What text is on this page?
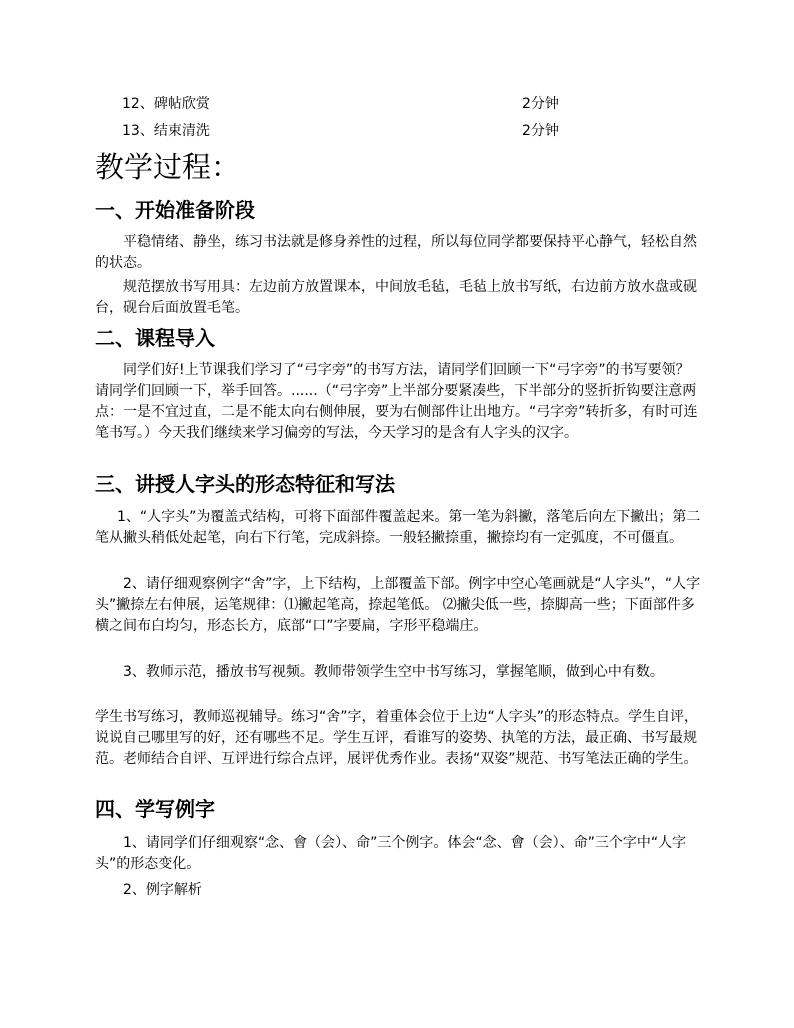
12、碑帖欣赏	2分钟
13、结束清洗	2分钟
教学过程：
一、开始准备阶段

平稳情绪、静坐，练习书法就是修身养性的过程，所以每位同学都要保持平心静气，轻松自然的状态。

规范摆放书写用具：左边前方放置课本，中间放毛毡，毛毡上放书写纸，右边前方放水盘或砚台，砚台后面放置毛笔。

二、课程导入

同学们好!上节课我们学习了“弓字旁”的书写方法，请同学们回顾一下“弓字旁”的书写要领？请同学们回顾一下，举手回答。......（“弓字旁”上半部分要紧凑些，下半部分的竖折折钩要注意两点：一是不宜过直，二是不能太向右侧伸展，要为右侧部件让出地方。“弓字旁”转折多，有时可连笔书写。）今天我们继续来学习偏旁的写法，今天学习的是含有人字头的汉字。

三、讲授人字头的形态特征和写法

1、“人字头”为覆盖式结构，可将下面部件覆盖起来。第一笔为斜撇，落笔后向左下撇出；第二笔从撇头稍低处起笔，向右下行笔，完成斜捺。一般轻撇捺重，撇捺均有一定弧度，不可僵直。

2、请仔细观察例字“舍”字，上下结构，上部覆盖下部。例字中空心笔画就是“人字头”，“人字头”撇捺左右伸展，运笔规律：⑴撇起笔高，捺起笔低。 ⑵撇尖低一些，捺脚高一些；下面部件多横之间布白均匀，形态长方，底部“口”字要扁，字形平稳端庄。

3、教师示范，播放书写视频。教师带领学生空中书写练习，掌握笔顺，做到心中有数。

学生书写练习，教师巡视辅导。练习“舍”字，着重体会位于上边“人字头”的形态特点。学生自评，说说自己哪里写的好，还有哪些不足。学生互评，看谁写的姿势、执笔的方法，最正确、书写最规范。老师结合自评、互评进行综合点评，展评优秀作业。表扬“双姿”规范、书写笔法正确的学生。

四、学写例字

1、请同学们仔细观察“念、會（会）、命”三个例字。体会“念、會（会）、命”三个字中“人字头”的形态变化。

2、例字解析
